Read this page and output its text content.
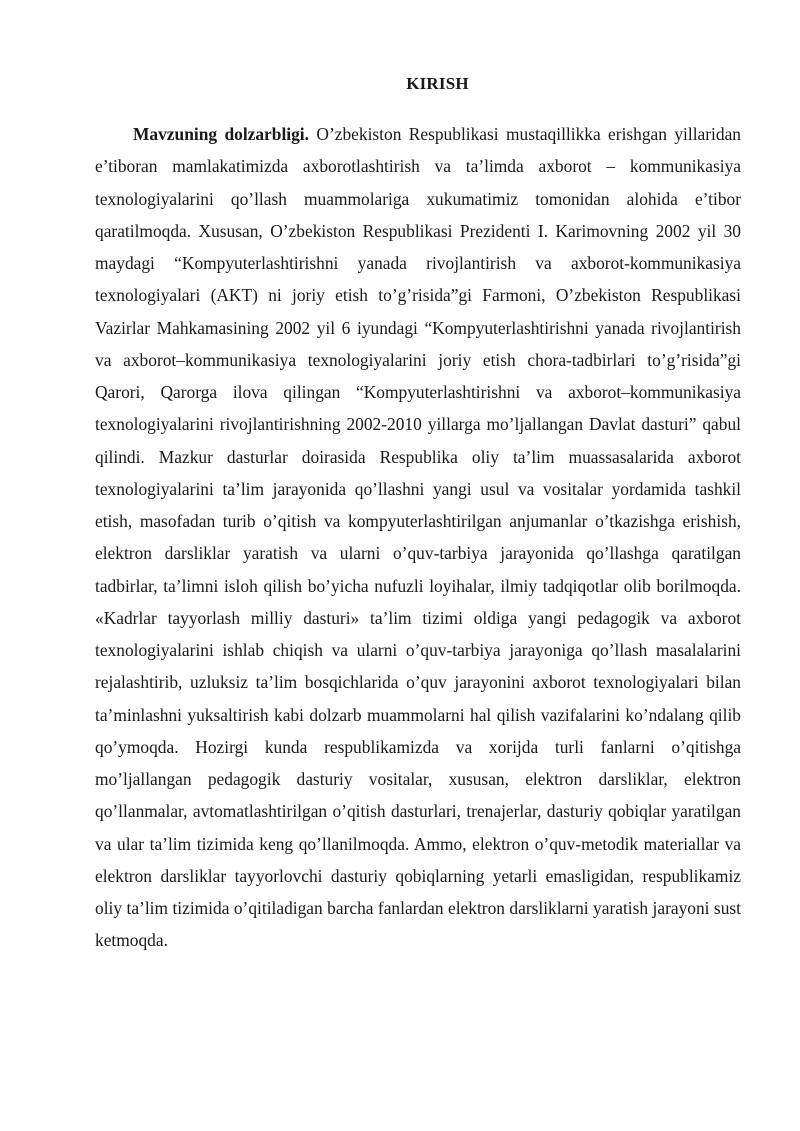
KIRISH

Mavzuning dolzarbligi. O’zbekiston Respublikasi mustaqillikka erishgan yillaridan e’tiboran mamlakatimizda axborotlashtirish va ta’limda axborot – kommunikasiya texnologiyalarini qo’llash muammolariga xukumatimiz tomonidan alohida e’tibor qaratilmoqda. Xususan, O’zbekiston Respublikasi Prezidenti I. Karimovning 2002 yil 30 maydagi “Kompyuterlashtirishni yanada rivojlantirish va axborot-kommunikasiya texnologiyalari (AKT) ni joriy etish to’g’risida”gi Farmoni, O’zbekiston Respublikasi Vazirlar Mahkamasining 2002 yil 6 iyundagi “Kompyuterlashtirishni yanada rivojlantirish va axborot–kommunikasiya texnologiyalarini joriy etish chora-tadbirlari to’g’risida”gi Qarori, Qarorga ilova qilingan “Kompyuterlashtirishni va axborot–kommunikasiya texnologiyalarini rivojlantirishning 2002-2010 yillarga mo’ljallangan Davlat dasturi” qabul qilindi. Mazkur dasturlar doirasida Respublika oliy ta’lim muassasalarida axborot texnologiyalarini ta’lim jarayonida qo’llashni yangi usul va vositalar yordamida tashkil etish, masofadan turib o’qitish va kompyuterlashtirilgan anjumanlar o’tkazishga erishish, elektron darsliklar yaratish va ularni o’quv-tarbiya jarayonida qo’llashga qaratilgan tadbirlar, ta’limni isloh qilish bo’yicha nufuzli loyihalar, ilmiy tadqiqotlar olib borilmoqda. «Kadrlar tayyorlash milliy dasturi» ta’lim tizimi oldiga yangi pedagogik va axborot texnologiyalarini ishlab chiqish va ularni o’quv-tarbiya jarayoniga qo’llash masalalarini rejalashtirib, uzluksiz ta’lim bosqichlarida o’quv jarayonini axborot texnologiyalari bilan ta’minlashni yuksaltirish kabi dolzarb muammolarni hal qilish vazifalarini ko’ndalang qilib qo’ymoqda. Hozirgi kunda respublikamizda va xorijda turli fanlarni o’qitishga mo’ljallangan pedagogik dasturiy vositalar, xususan, elektron darsliklar, elektron qo’llanmalar, avtomatlashtirilgan o’qitish dasturlari, trenajerlar, dasturiy qobiqlar yaratilgan va ular ta’lim tizimida keng qo’llanilmoqda. Ammo, elektron o’quv-metodik materiallar va elektron darsliklar tayyorlovchi dasturiy qobiqlarning yetarli emasligidan, respublikamiz oliy ta’lim tizimida o’qitiladigan barcha fanlardan elektron darsliklarni yaratish jarayoni sust ketmoqda.
